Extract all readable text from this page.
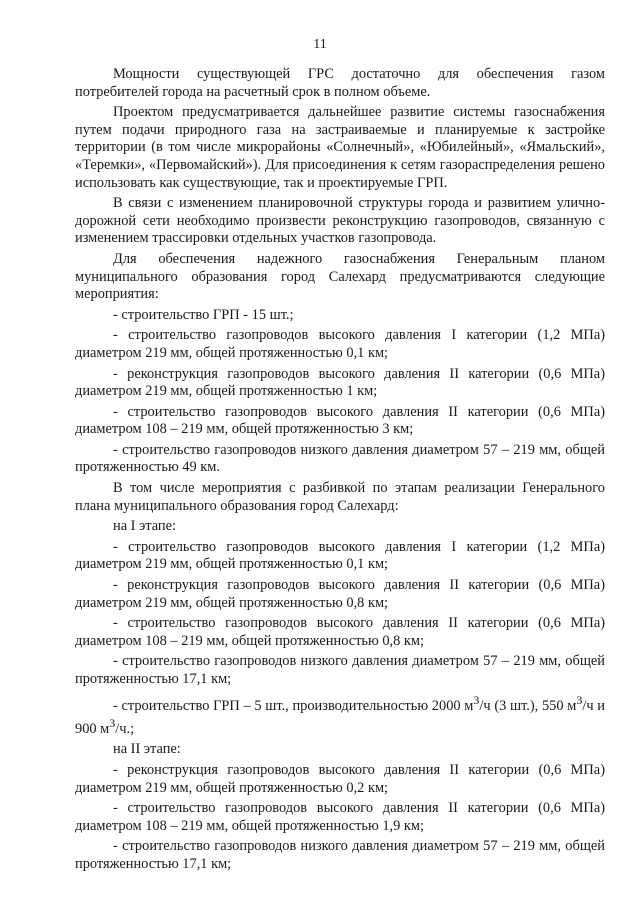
11

Мощности существующей ГРС достаточно для обеспечения газом потребителей города на расчетный срок в полном объеме.

Проектом предусматривается дальнейшее развитие системы газоснабжения путем подачи природного газа на застраиваемые и планируемые к застройке территории (в том числе микрорайоны «Солнечный», «Юбилейный», «Ямальский», «Теремки», «Первомайский»). Для присоединения к сетям газораспределения решено использовать как существующие, так и проектируемые ГРП.

В связи с изменением планировочной структуры города и развитием улично-дорожной сети необходимо произвести реконструкцию газопроводов, связанную с изменением трассировки отдельных участков газопровода.

Для обеспечения надежного газоснабжения Генеральным планом муниципального образования город Салехард предусматриваются следующие мероприятия:

- строительство ГРП - 15 шт.;

- строительство газопроводов высокого давления I категории (1,2 МПа) диаметром 219 мм, общей протяженностью 0,1 км;

- реконструкция газопроводов высокого давления II категории (0,6 МПа) диаметром 219 мм, общей протяженностью 1 км;

- строительство газопроводов высокого давления II категории (0,6 МПа) диаметром 108 – 219 мм, общей протяженностью 3 км;

- строительство газопроводов низкого давления диаметром 57 – 219 мм, общей протяженностью 49 км.

В том числе мероприятия с разбивкой по этапам реализации Генерального плана муниципального образования город Салехард:

на I этапе:

- строительство газопроводов высокого давления I категории (1,2 МПа) диаметром 219 мм, общей протяженностью 0,1 км;

- реконструкция газопроводов высокого давления II категории (0,6 МПа) диаметром 219 мм, общей протяженностью 0,8 км;

- строительство газопроводов высокого давления II категории (0,6 МПа) диаметром 108 – 219 мм, общей протяженностью 0,8 км;

- строительство газопроводов низкого давления диаметром 57 – 219 мм, общей протяженностью 17,1 км;

- строительство ГРП – 5 шт., производительностью 2000 $м^3/ч$ (3 шт.), 550 $м^3/ч$ и 900 $м^3/ч$.;

на II этапе:

- реконструкция газопроводов высокого давления II категории (0,6 МПа) диаметром 219 мм, общей протяженностью 0,2 км;

- строительство газопроводов высокого давления II категории (0,6 МПа) диаметром 108 – 219 мм, общей протяженностью 1,9 км;

- строительство газопроводов низкого давления диаметром 57 – 219 мм, общей протяженностью 17,1 км;
